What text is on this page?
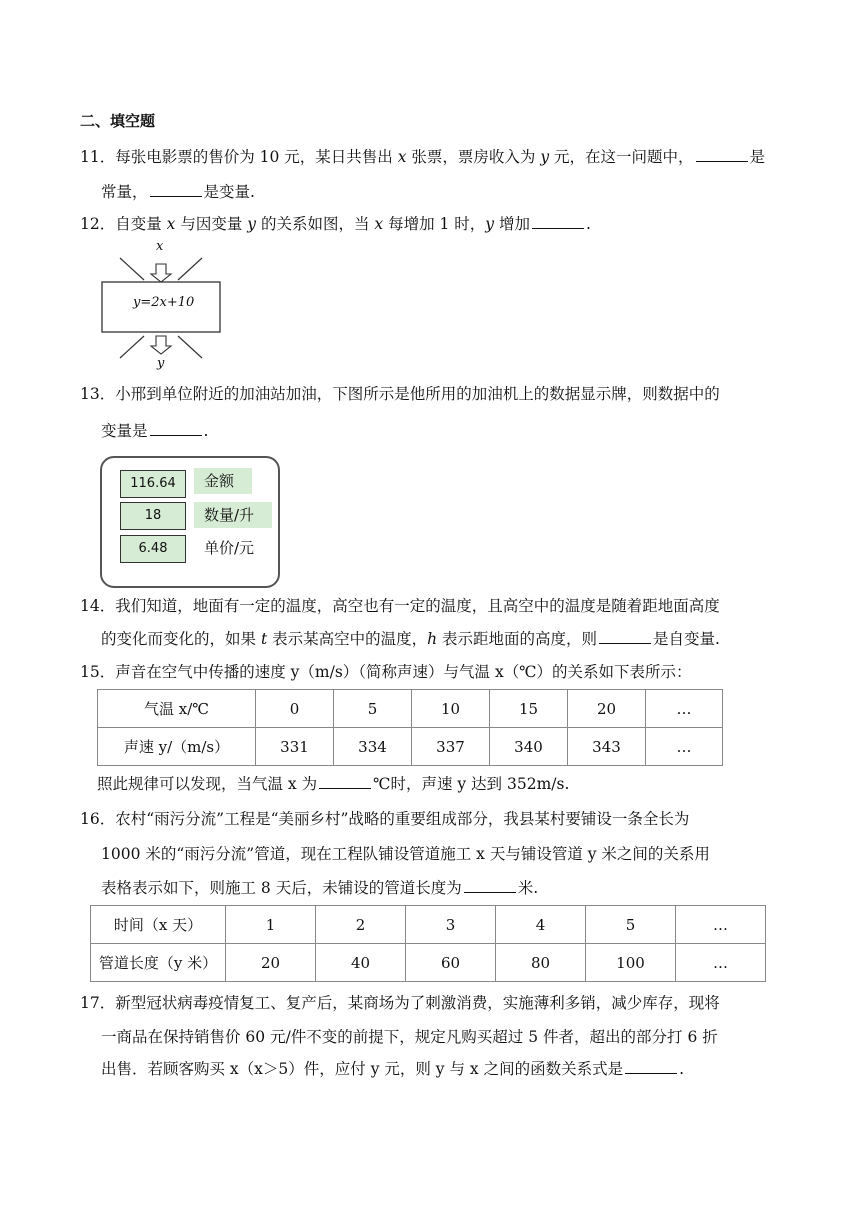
二、填空题
11．每张电影票的售价为 10 元，某日共售出 x 张票，票房收入为 y 元，在这一问题中，	是
常量，	是变量.
12．自变量 x 与因变量 y 的关系如图，当 x 每增加 1 时，y 增加	.
x
y=2x+10
y
13．小邢到单位附近的加油站加油，下图所示是他所用的加油机上的数据显示牌，则数据中的
变量是	.
116.64	金额
18	数量/升
6.48	单价/元
14．我们知道，地面有一定的温度，高空也有一定的温度，且高空中的温度是随着距地面高度
的变化而变化的，如果 t 表示某高空中的温度，h 表示距地面的高度，则	是自变量.
15．声音在空气中传播的速度 y（m/s）（简称声速）与气温 x（℃）的关系如下表所示：
气温 x/℃	0	5	10	15	20	…
声速 y/（m/s）	331	334	337	340	343	…
照此规律可以发现，当气温 x 为	℃时，声速 y 达到 352m/s.
16．农村“雨污分流”工程是“美丽乡村”战略的重要组成部分，我县某村要铺设一条全长为
1000 米的“雨污分流”管道，现在工程队铺设管道施工 x 天与铺设管道 y 米之间的关系用
表格表示如下，则施工 8 天后，未铺设的管道长度为	米.
时间（x 天）	1	2	3	4	5	…
管道长度（y 米）	20	40	60	80	100	…
17．新型冠状病毒疫情复工、复产后，某商场为了刺激消费，实施薄利多销，减少库存，现将
一商品在保持销售价 60 元/件不变的前提下，规定凡购买超过 5 件者，超出的部分打 6 折
出售．若顾客购买 x（x＞5）件，应付 y 元，则 y 与 x 之间的函数关系式是	.
